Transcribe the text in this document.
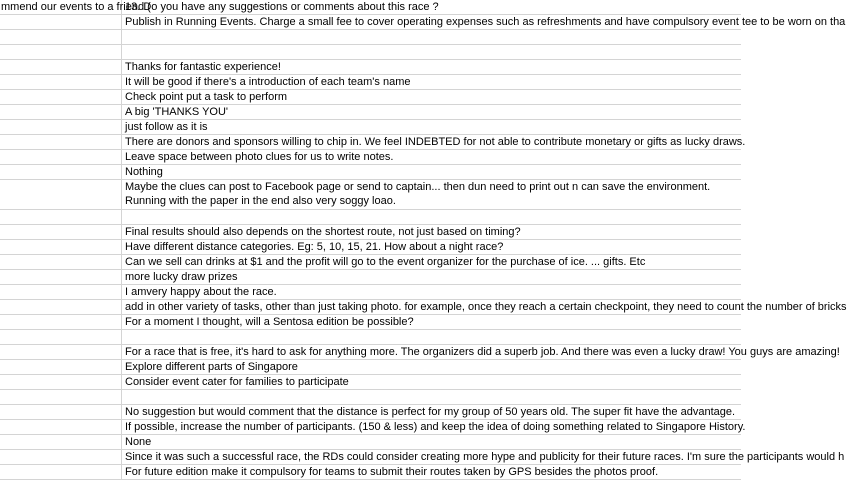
mmend our events to a friend (
13. Do you have any suggestions or comments about this race ?
Publish in Running Events. Charge a small fee to cover operating expenses such as refreshments and have compulsory event tee to be worn on tha
Thanks for fantastic experience!
It will be good if there's a introduction of each team's name
Check point put a task to perform
A big 'THANKS YOU'
just follow as it is
There are donors and sponsors willing to chip in. We feel INDEBTED for not able to contribute monetary or gifts as lucky draws.
Leave space between photo clues for us to write notes.
Nothing
Maybe the clues can post to Facebook page or send to captain... then dun need to print out n can save the environment.
Running with the paper in the end also very soggy loao.
Final results should also depends on the shortest route, not just based on timing?
Have different distance categories. Eg: 5, 10, 15, 21. How about a night race?
Can we sell can drinks at $1 and the profit will go to the event organizer for the purchase of ice. ... gifts. Etc
more lucky draw prizes
I amvery happy about the race.
add in other variety of tasks, other than just taking photo. for example, once they reach a certain checkpoint, they need to count the number of bricks
For a moment I thought, will a Sentosa edition be possible?
For a race that is free, it's hard to ask for anything more. The organizers did a superb job. And there was even a lucky draw! You guys are amazing!
Explore different parts of Singapore
Consider event cater for families to participate
No suggestion but would comment that the distance is perfect for my group of 50 years old. The super fit have the advantage.
If possible, increase the number of participants. (150 & less) and keep the idea of doing something related to Singapore History.
None
Since it was such a successful race, the RDs could consider creating more hype and publicity for their future races. I'm sure the participants would h
For future edition make it compulsory for teams to submit their routes taken by GPS besides the photos proof.
